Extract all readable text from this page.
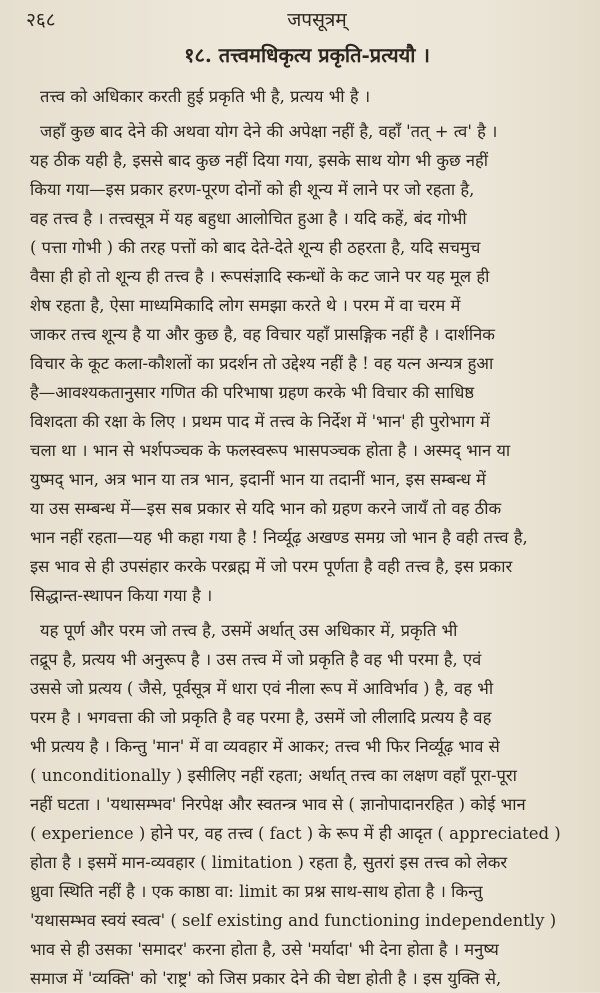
२६८	जपसूत्रम्
१८. तत्त्वमधिकृत्य प्रकृति-प्रत्ययौ ।
तत्त्व को अधिकार करती हुई प्रकृति भी है, प्रत्यय भी है ।
जहाँ कुछ बाद देने की अथवा योग देने की अपेक्षा नहीं है, वहाँ 'तत् + त्व' है ।
यह ठीक यही है, इससे बाद कुछ नहीं दिया गया, इसके साथ योग भी कुछ नहीं
किया गया—इस प्रकार हरण-पूरण दोनों को ही शून्य में लाने पर जो रहता है,
वह तत्त्व है । तत्त्वसूत्र में यह बहुधा आलोचित हुआ है । यदि कहें, बंद गोभी
( पत्ता गोभी ) की तरह पत्तों को बाद देते-देते शून्य ही ठहरता है, यदि सचमुच
वैसा ही हो तो शून्य ही तत्त्व है । रूपसंज्ञादि स्कन्धों के कट जाने पर यह मूल ही
शेष रहता है, ऐसा माध्यमिकादि लोग समझा करते थे । परम में वा चरम में
जाकर तत्त्व शून्य है या और कुछ है, वह विचार यहाँ प्रासङ्गिक नहीं है । दार्शनिक
विचार के कूट कला-कौशलों का प्रदर्शन तो उद्देश्य नहीं है ! वह यत्न अन्यत्र हुआ
है—आवश्यकतानुसार गणित की परिभाषा ग्रहण करके भी विचार की साधिष्ठ
विशदता की रक्षा के लिए । प्रथम पाद में तत्त्व के निर्देश में 'भान' ही पुरोभाग में
चला था । भान से भर्शपञ्चक के फलस्वरूप भासपञ्चक होता है । अस्मद् भान या
युष्मद् भान, अत्र भान या तत्र भान, इदानीं भान या तदानीं भान, इस सम्बन्ध में
या उस सम्बन्ध में—इस सब प्रकार से यदि भान को ग्रहण करने जायँ तो वह ठीक
भान नहीं रहता—यह भी कहा गया है ! निर्व्यूढ़ अखण्ड समग्र जो भान है वही तत्त्व है,
इस भाव से ही उपसंहार करके परब्रह्म में जो परम पूर्णता है वही तत्त्व है, इस प्रकार
सिद्धान्त-स्थापन किया गया है ।
यह पूर्ण और परम जो तत्त्व है, उसमें अर्थात् उस अधिकार में, प्रकृति भी
तद्रूप है, प्रत्यय भी अनुरूप है । उस तत्त्व में जो प्रकृति है वह भी परमा है, एवं
उससे जो प्रत्यय ( जैसे, पूर्वसूत्र में धारा एवं नीला रूप में आविर्भाव ) है, वह भी
परम है । भगवत्ता की जो प्रकृति है वह परमा है, उसमें जो लीलादि प्रत्यय है वह
भी प्रत्यय है । किन्तु 'मान' में वा व्यवहार में आकर; तत्त्व भी फिर निर्व्यूढ़ भाव से
( unconditionally ) इसीलिए नहीं रहता; अर्थात् तत्त्व का लक्षण वहाँ पूरा-पूरा
नहीं घटता । 'यथासम्भव' निरपेक्ष और स्वतन्त्र भाव से ( ज्ञानोपादानरहित ) कोई भान
( experience ) होने पर, वह तत्त्व ( fact ) के रूप में ही आदृत ( appreciated )
होता है । इसमें मान-व्यवहार ( limitation ) रहता है, सुतरां इस तत्त्व को लेकर
ध्रुवा स्थिति नहीं है । एक काष्ठा वा: limit का प्रश्न साथ-साथ होता है । किन्तु
'यथासम्भव स्वयं स्वत्व' ( self existing and functioning independently )
भाव से ही उसका 'समादर' करना होता है, उसे 'मर्यादा' भी देना होता है । मनुष्य
समाज में 'व्यक्ति' को 'राष्ट्र' को जिस प्रकार देने की चेष्टा होती है । इस युक्ति से,
